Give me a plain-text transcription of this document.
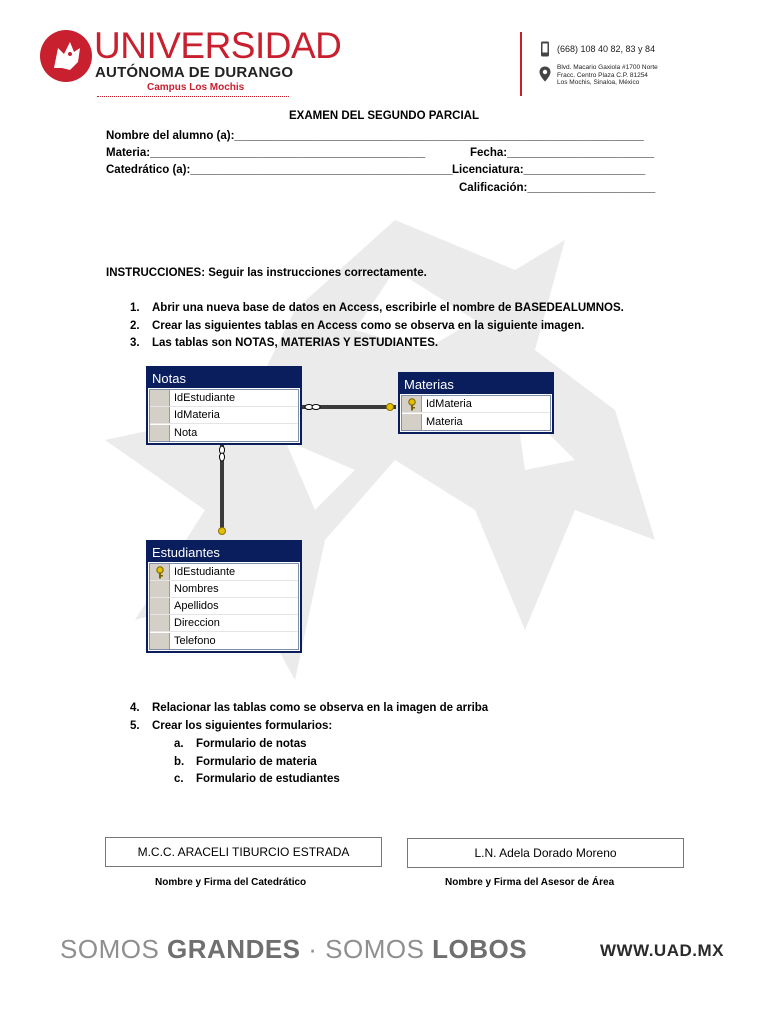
UNIVERSIDAD
AUTÓNOMA DE DURANGO
Campus Los Mochis
(668) 108 40 82, 83 y 84
Blvd. Macario Gaxiola #1700 Norte
Fracc. Centro Plaza C.P. 81254
Los Mochis, Sinaloa, México
EXAMEN DEL SEGUNDO PARCIAL
Nombre del alumno (a):________________________________________________________________
Materia:___________________________________________	Fecha:_______________________
Catedrático (a):_________________________________________ Licenciatura:___________________
Calificación:____________________
INSTRUCCIONES: Seguir las instrucciones correctamente.
1. Abrir una nueva base de datos en Access, escribirle el nombre de BASEDEALUMNOS.
2. Crear las siguientes tablas en Access como se observa en la siguiente imagen.
3. Las tablas son NOTAS, MATERIAS Y ESTUDIANTES.
Notas
IdEstudiante
IdMateria
Nota
Materias
IdMateria
Materia
Estudiantes
IdEstudiante
Nombres
Apellidos
Direccion
Telefono
4. Relacionar las tablas como se observa en la imagen de arriba
5. Crear los siguientes formularios:
a. Formulario de notas
b. Formulario de materia
c. Formulario de estudiantes
M.C.C. ARACELI TIBURCIO ESTRADA	L.N. Adela Dorado Moreno
Nombre y Firma del Catedrático	Nombre y Firma del Asesor de Área
SOMOS GRANDES · SOMOS LOBOS	WWW.UAD.MX
